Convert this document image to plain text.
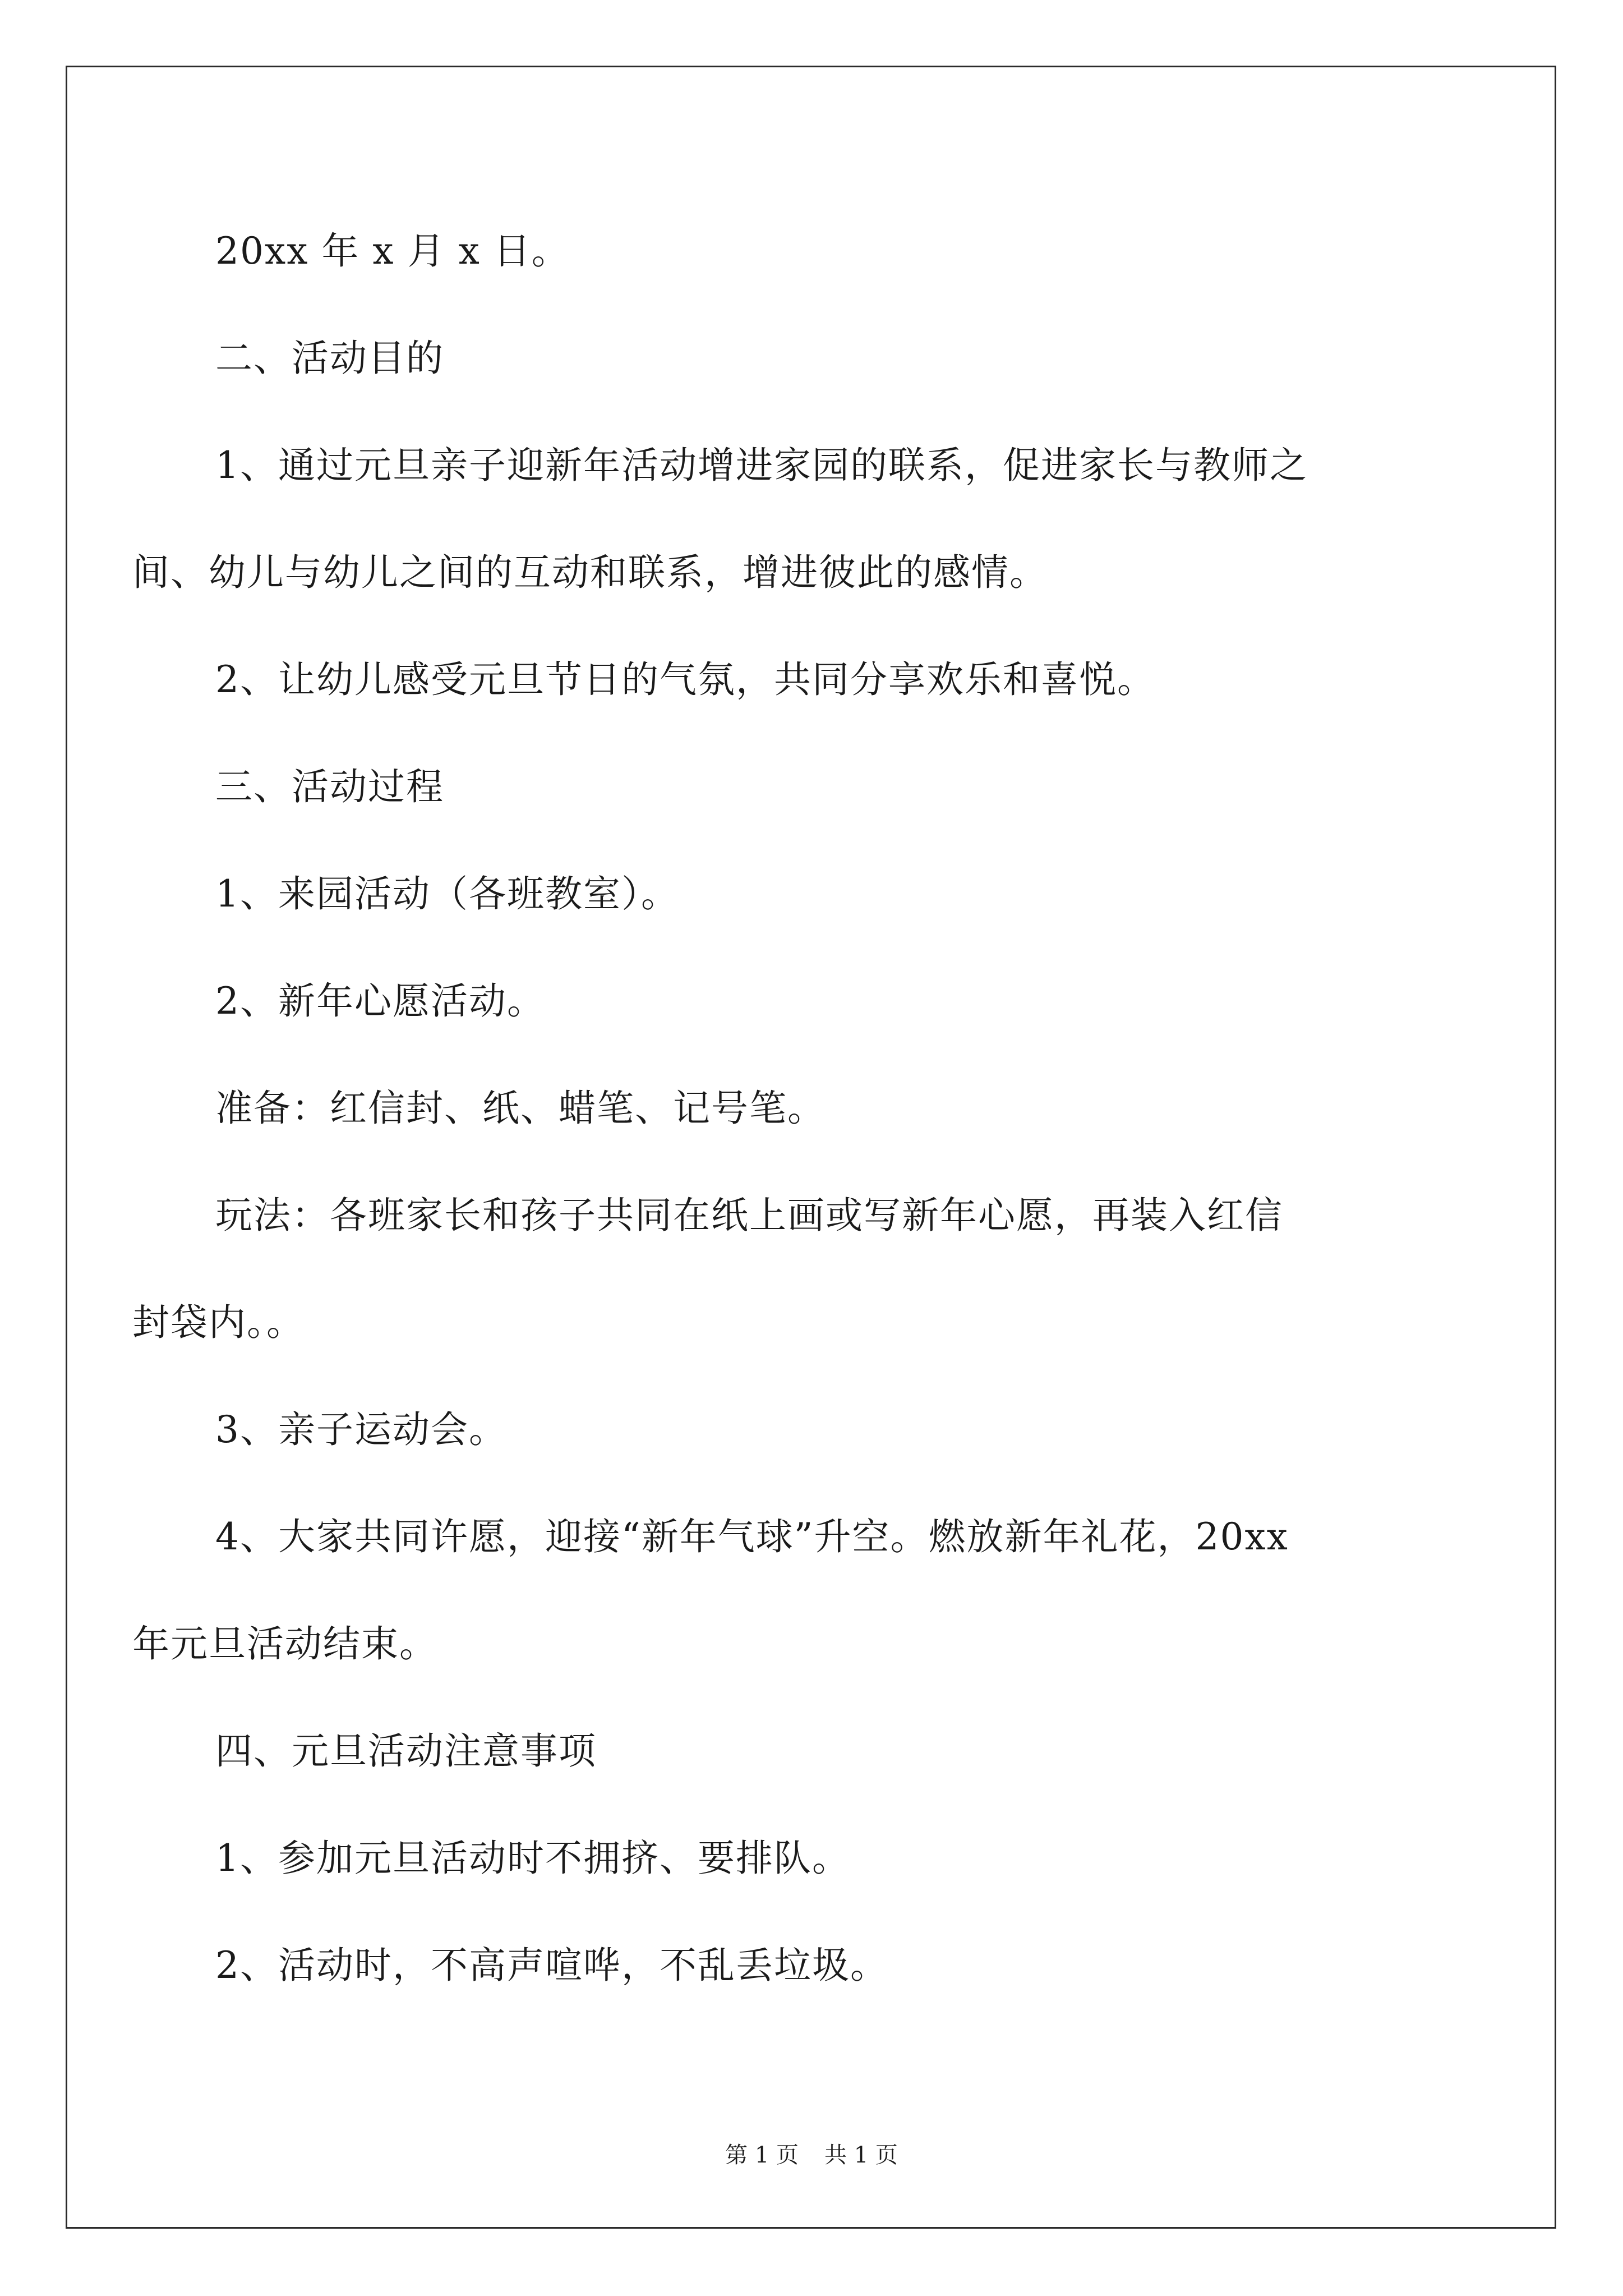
20xx 年 x 月 x 日。
二、活动目的
1、通过元旦亲子迎新年活动增进家园的联系，促进家长与教师之
间、幼儿与幼儿之间的互动和联系，增进彼此的感情。
2、让幼儿感受元旦节日的气氛，共同分享欢乐和喜悦。
三、活动过程
1、来园活动（各班教室）。
2、新年心愿活动。
准备：红信封、纸、蜡笔、记号笔。
玩法：各班家长和孩子共同在纸上画或写新年心愿，再装入红信
封袋内。。
3、亲子运动会。
4、大家共同许愿，迎接“新年气球”升空。燃放新年礼花，20xx
年元旦活动结束。
四、元旦活动注意事项
1、参加元旦活动时不拥挤、要排队。
2、活动时，不高声喧哗，不乱丢垃圾。
第 1 页 共 1 页
